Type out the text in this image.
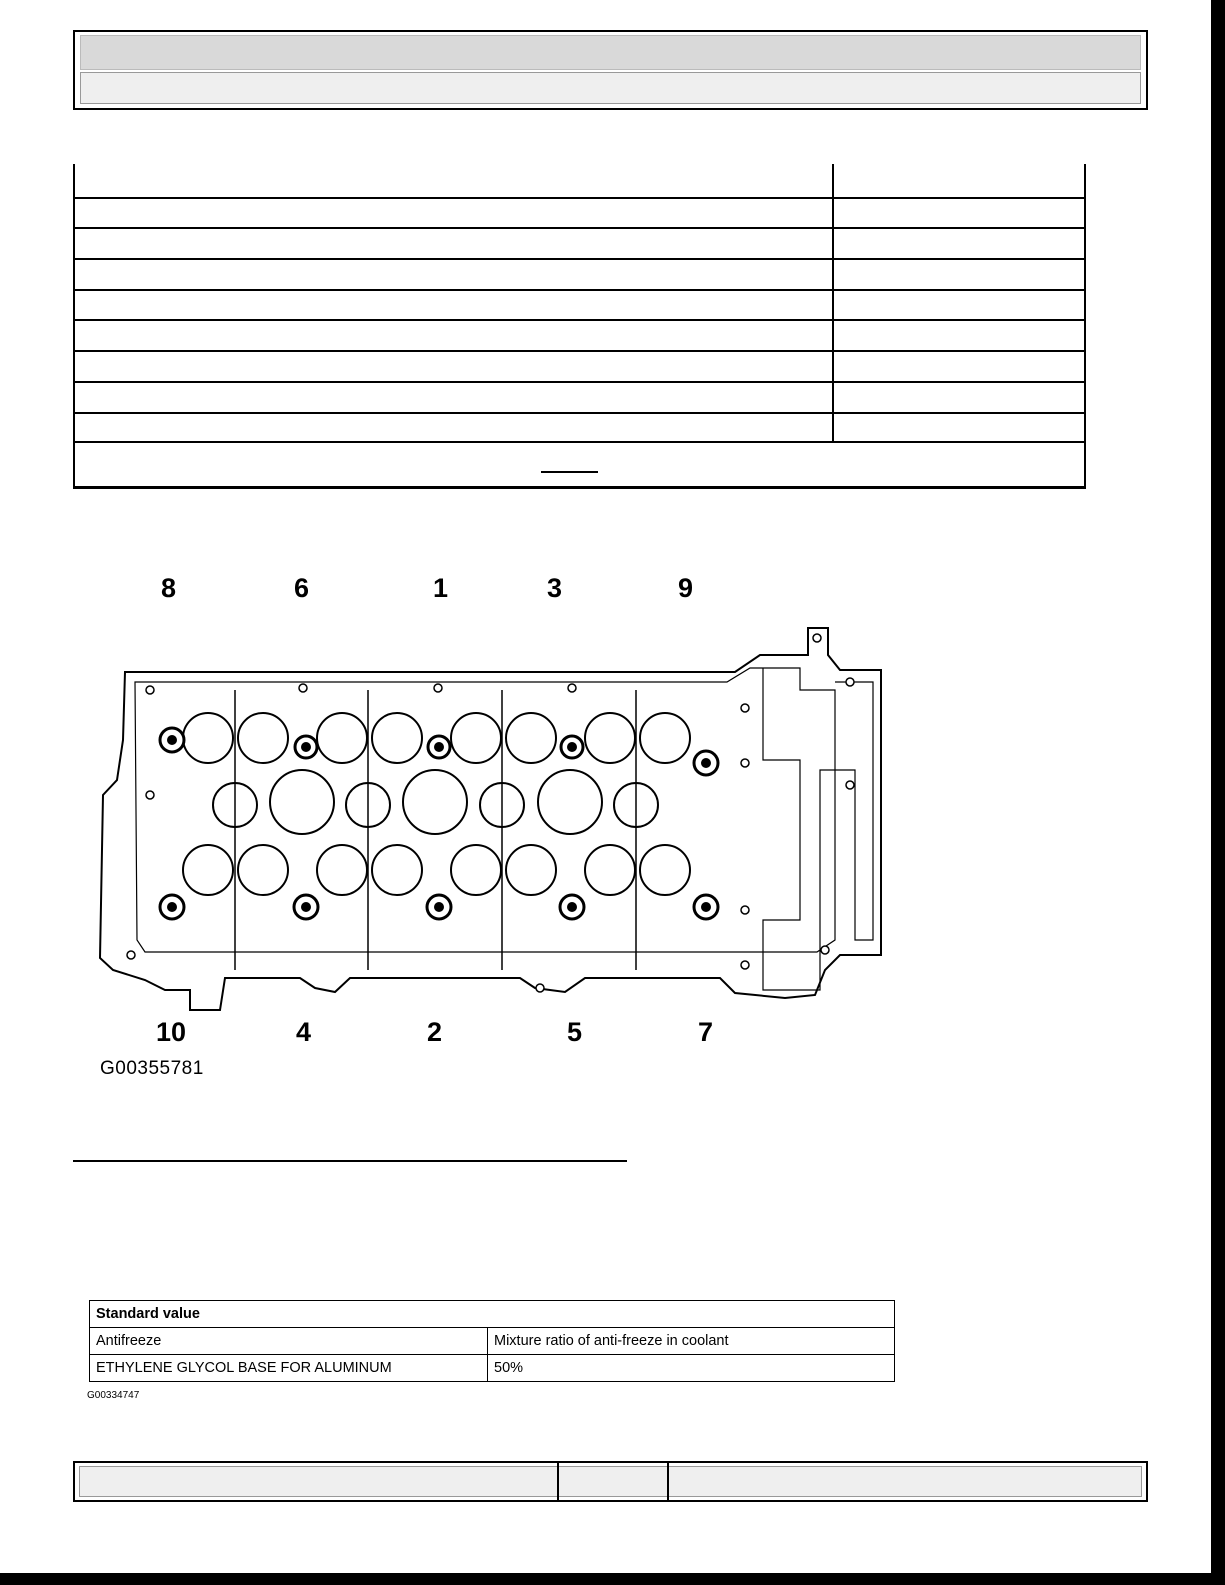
8	6	1	3	9
10	4	2	5	7
G00355781
Standard value	
Antifreeze	Mixture ratio of anti-freeze in coolant
ETHYLENE GLYCOL BASE FOR ALUMINUM	50%
G00334747
